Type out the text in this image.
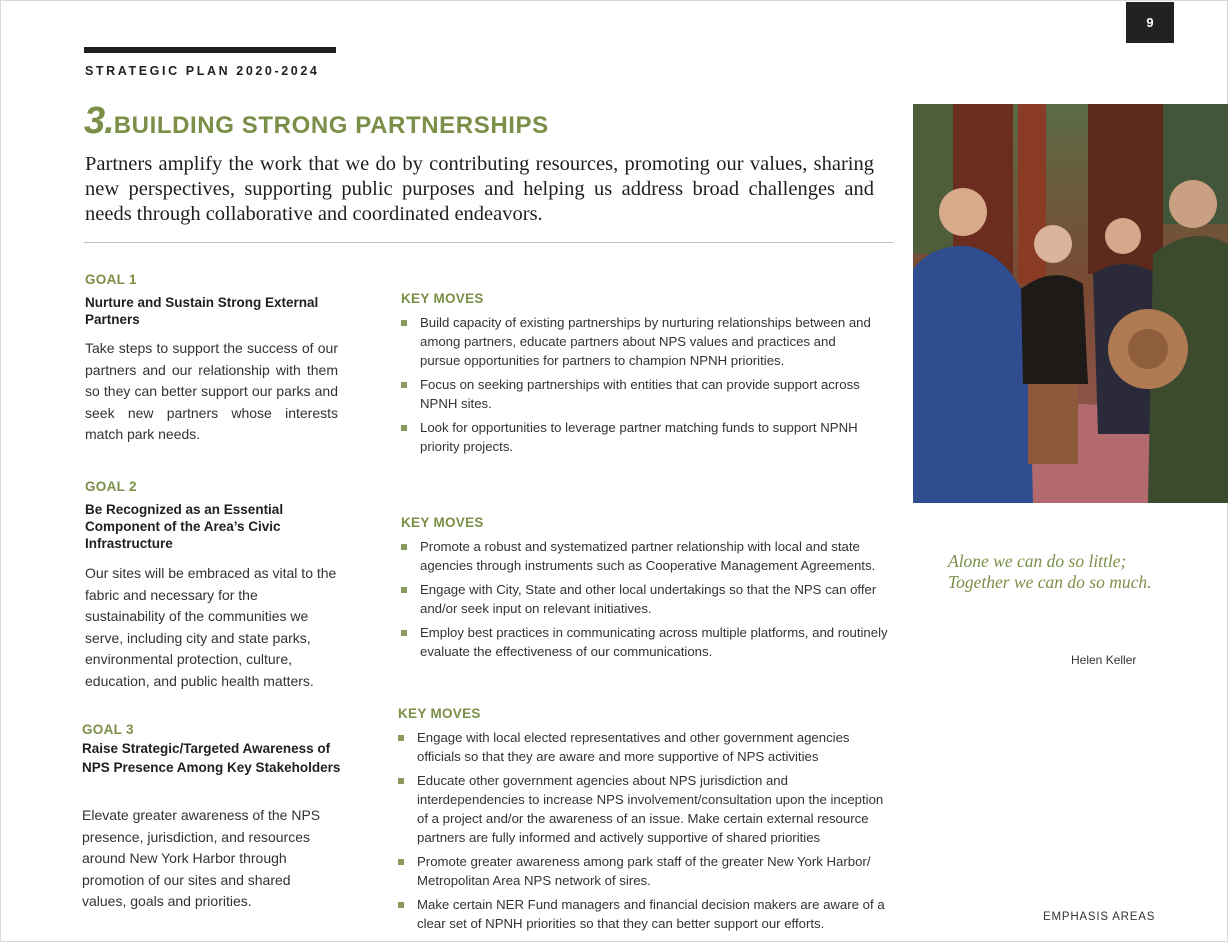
9
STRATEGIC PLAN 2020-2024
3.BUILDING STRONG PARTNERSHIPS
Partners amplify the work that we do by contributing resources, promoting our values, sharing new perspectives, supporting public purposes and helping us address broad challenges and needs through collaborative and coordinated endeavors.
GOAL 1
Nurture and Sustain Strong External Partners
Take steps to support the success of our partners and our relationship with them so they can better support our parks and seek new partners whose interests match park needs.
GOAL 2
Be Recognized as an Essential Component of the Area’s Civic Infrastructure
Our sites will be embraced as vital to the fabric and necessary for the sustainability of the communities we serve, including city and state parks, environmental protection, culture, education, and public health matters.
GOAL 3
Raise Strategic/Targeted Awareness of NPS Presence Among Key Stakeholders
Elevate greater awareness of the NPS presence, jurisdiction, and resources around New York Harbor through promotion of our sites and shared values, goals and priorities.
KEY MOVES
Build capacity of existing partnerships by nurturing relationships between and among partners, educate partners about NPS values and practices and pursue opportunities for partners to champion NPNH priorities.
Focus on seeking partnerships with entities that can provide support across NPNH sites.
Look for opportunities to leverage partner matching funds to support NPNH priority projects.
KEY MOVES
Promote a robust and systematized partner relationship with local and state agencies through instruments such as Cooperative Management Agreements.
Engage with City, State and other local undertakings so that the NPS can offer and/or seek input on relevant initiatives.
Employ best practices in communicating across multiple platforms, and routinely evaluate the effectiveness of our communications.
KEY MOVES
Engage with local elected representatives and other government agencies officials so that they are aware and more supportive of NPS activities
Educate other government agencies about NPS jurisdiction and interdependencies to increase NPS involvement/consultation upon the inception of a project and/or the awareness of an issue. Make certain external resource partners are fully informed and actively supportive of shared priorities
Promote greater awareness among park staff of the greater New York Harbor/ Metropolitan Area NPS network of sires.
Make certain NER Fund managers and financial decision makers are aware of a clear set of NPNH priorities so that they can better support our efforts.
Alone we can do so little;
Together we can do so much.
Helen Keller
EMPHASIS AREAS
